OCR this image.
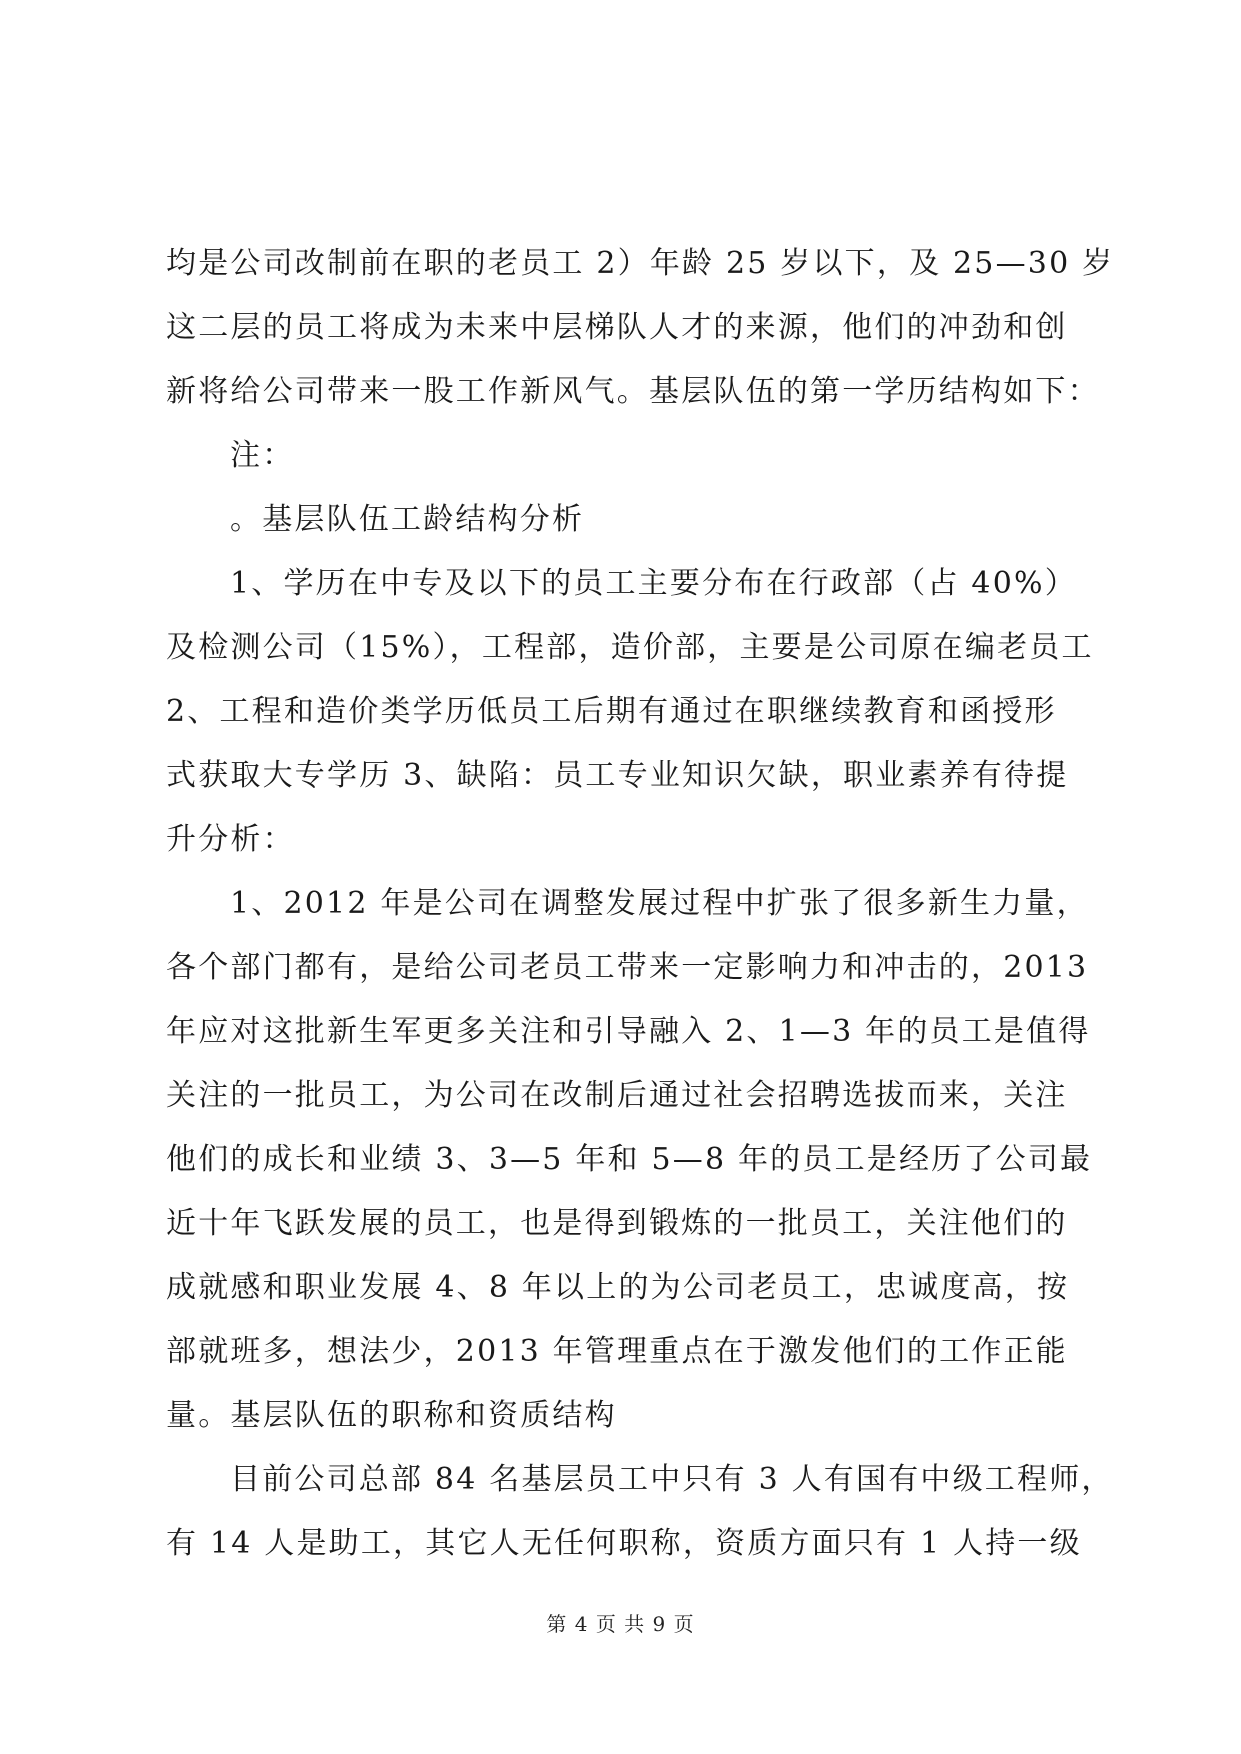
均是公司改制前在职的老员工 2）年龄 25 岁以下，及 25—30 岁
这二层的员工将成为未来中层梯队人才的来源，他们的冲劲和创
新将给公司带来一股工作新风气。基层队伍的第一学历结构如下：
注：
。基层队伍工龄结构分析
1、学历在中专及以下的员工主要分布在行政部（占 40%）
及检测公司（15%），工程部，造价部，主要是公司原在编老员工
2、工程和造价类学历低员工后期有通过在职继续教育和函授形
式获取大专学历 3、缺陷：员工专业知识欠缺，职业素养有待提
升分析：
1、2012 年是公司在调整发展过程中扩张了很多新生力量，
各个部门都有，是给公司老员工带来一定影响力和冲击的，2013
年应对这批新生军更多关注和引导融入 2、1—3 年的员工是值得
关注的一批员工，为公司在改制后通过社会招聘选拔而来，关注
他们的成长和业绩 3、3—5 年和 5—8 年的员工是经历了公司最
近十年飞跃发展的员工，也是得到锻炼的一批员工，关注他们的
成就感和职业发展 4、8 年以上的为公司老员工，忠诚度高，按
部就班多，想法少，2013 年管理重点在于激发他们的工作正能
量。基层队伍的职称和资质结构
目前公司总部 84 名基层员工中只有 3 人有国有中级工程师，
有 14 人是助工，其它人无任何职称，资质方面只有 1 人持一级
第 4 页 共 9 页
